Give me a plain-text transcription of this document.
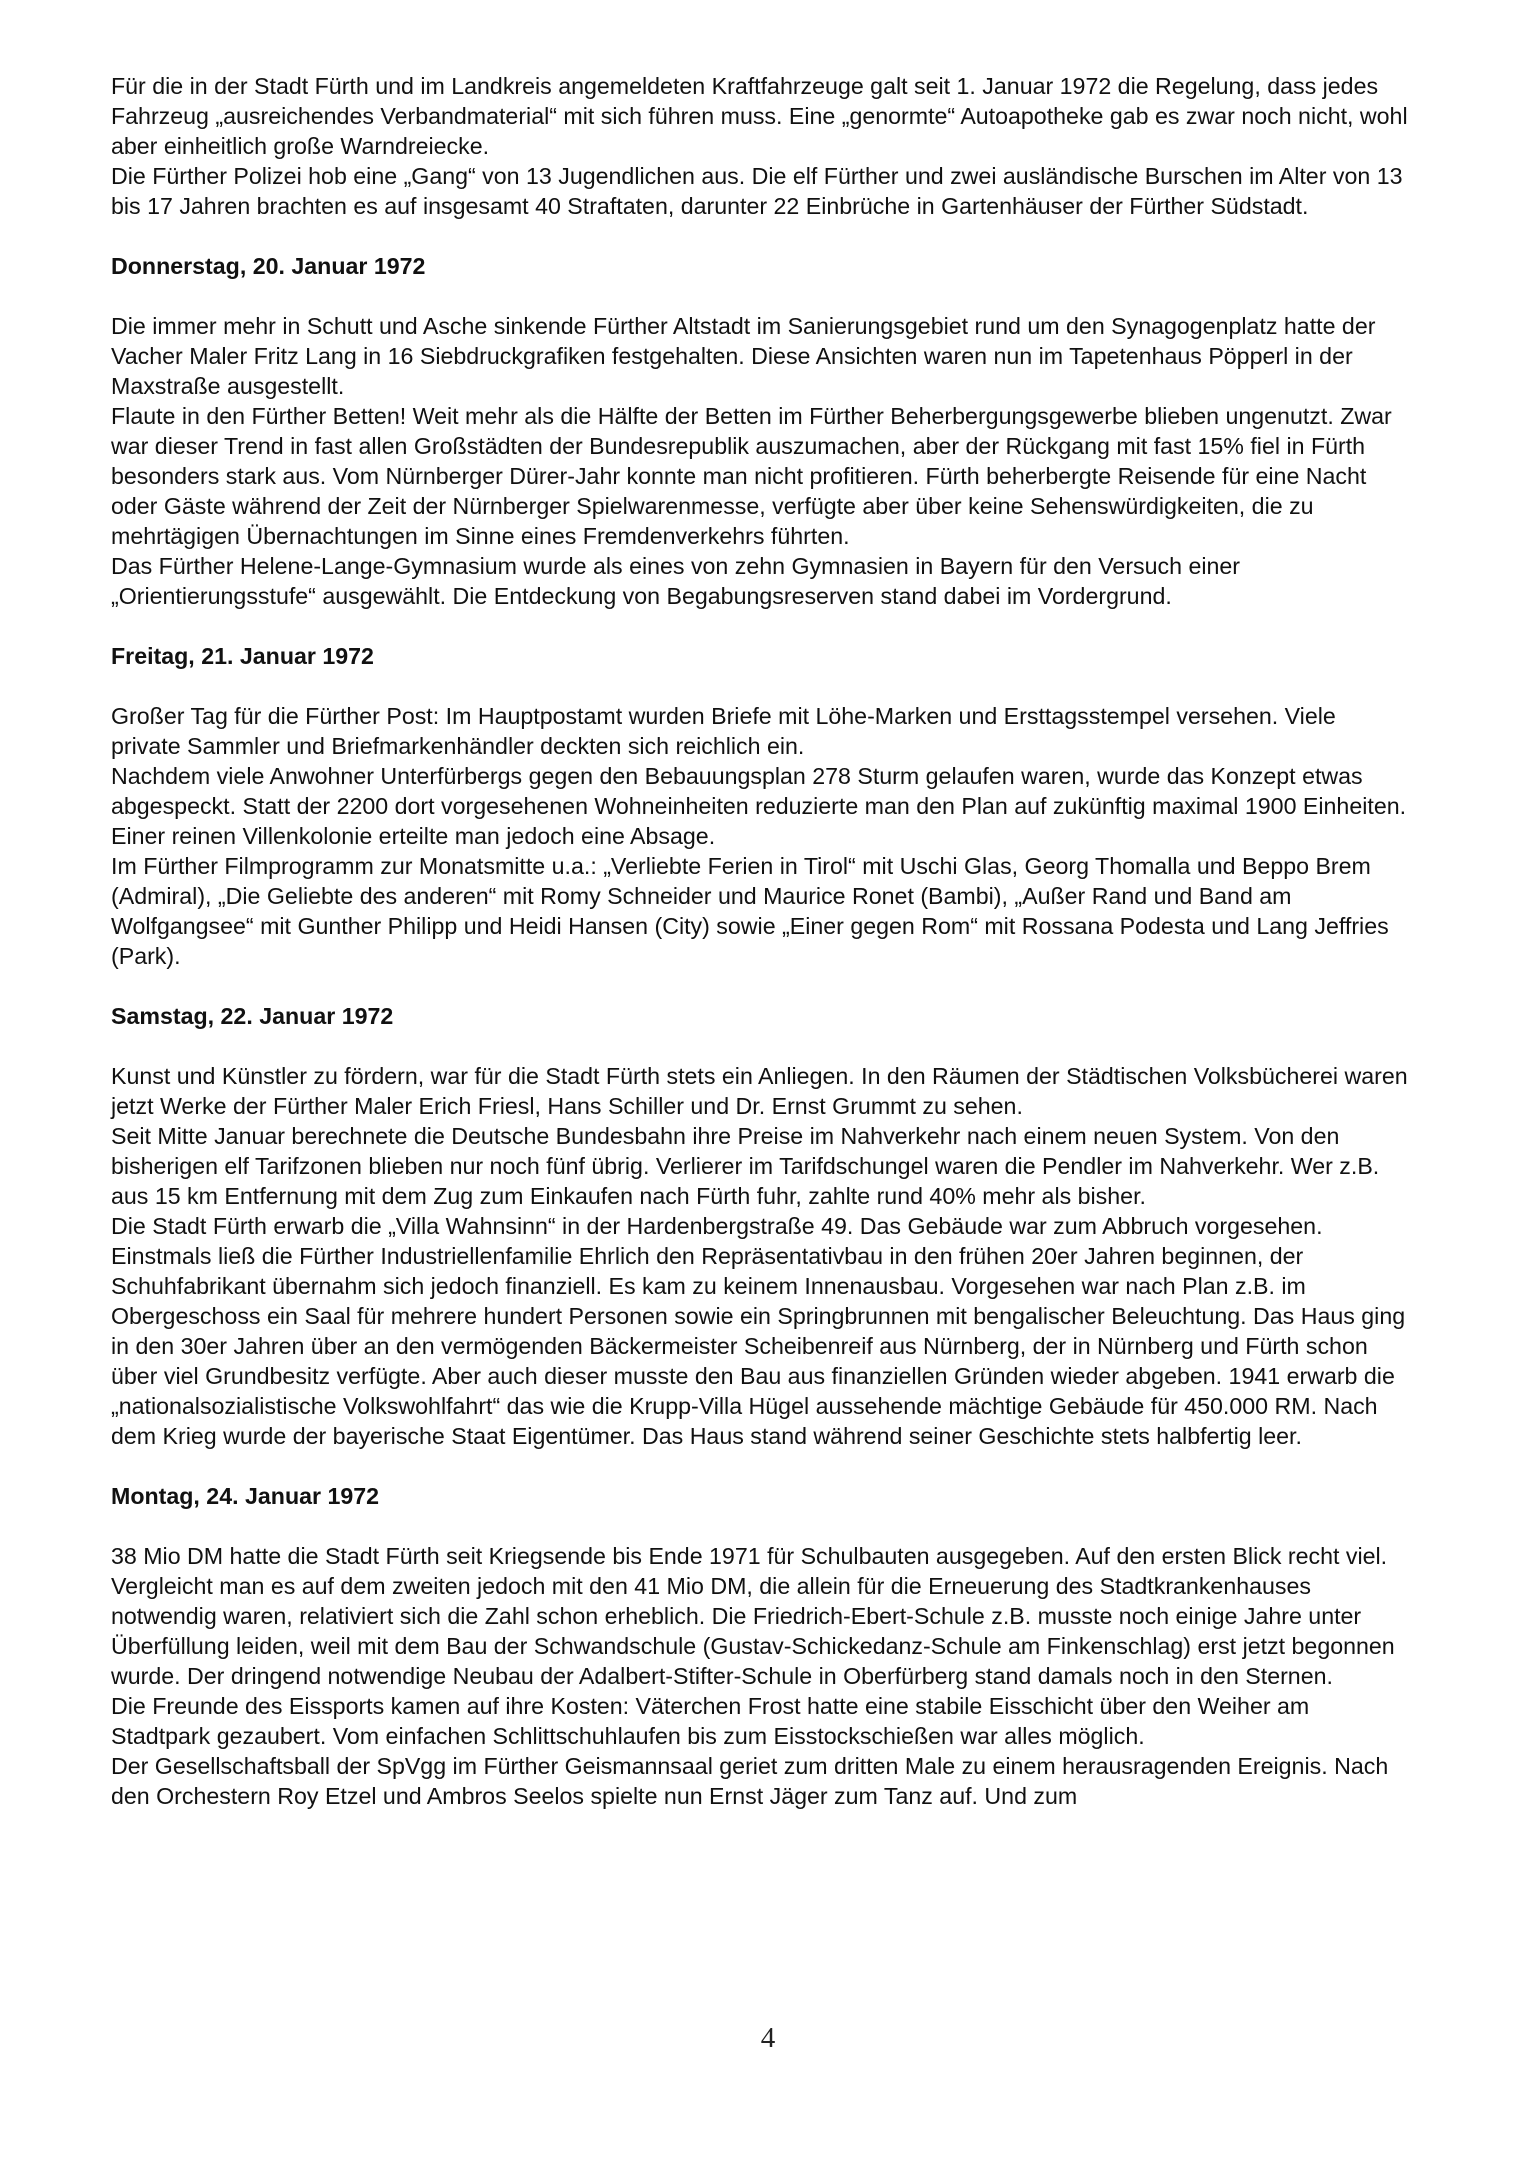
Für die in der Stadt Fürth und im Landkreis angemeldeten Kraftfahrzeuge galt seit 1. Januar 1972 die Regelung, dass jedes Fahrzeug „ausreichendes Verbandmaterial“ mit sich führen muss. Eine „genormte“ Autoapotheke gab es zwar noch nicht, wohl aber einheitlich große Warndreiecke.

Die Fürther Polizei hob eine „Gang“ von 13 Jugendlichen aus. Die elf Fürther und zwei ausländische Burschen im Alter von 13 bis 17 Jahren brachten es auf insgesamt 40 Straftaten, darunter 22 Einbrüche in Gartenhäuser der Fürther Südstadt.

Donnerstag, 20. Januar 1972

Die immer mehr in Schutt und Asche sinkende Fürther Altstadt im Sanierungsgebiet rund um den Synagogenplatz hatte der Vacher Maler Fritz Lang in 16 Siebdruckgrafiken festgehalten. Diese Ansichten waren nun im Tapetenhaus Pöpperl in der Maxstraße ausgestellt.

Flaute in den Fürther Betten! Weit mehr als die Hälfte der Betten im Fürther Beherbergungsgewerbe blieben ungenutzt. Zwar war dieser Trend in fast allen Großstädten der Bundesrepublik auszumachen, aber der Rückgang mit fast 15% fiel in Fürth besonders stark aus. Vom Nürnberger Dürer-Jahr konnte man nicht profitieren. Fürth beherbergte Reisende für eine Nacht oder Gäste während der Zeit der Nürnberger Spielwarenmesse, verfügte aber über keine Sehenswürdigkeiten, die zu mehrtägigen Übernachtungen im Sinne eines Fremdenverkehrs führten.

Das Fürther Helene-Lange-Gymnasium wurde als eines von zehn Gymnasien in Bayern für den Versuch einer „Orientierungsstufe“ ausgewählt. Die Entdeckung von Begabungsreserven stand dabei im Vordergrund.

Freitag, 21. Januar 1972

Großer Tag für die Fürther Post: Im Hauptpostamt wurden Briefe mit Löhe-Marken und Ersttagsstempel versehen. Viele private Sammler und Briefmarkenhändler deckten sich reichlich ein.

Nachdem viele Anwohner Unterfürbergs gegen den Bebauungsplan 278 Sturm gelaufen waren, wurde das Konzept etwas abgespeckt. Statt der 2200 dort vorgesehenen Wohneinheiten reduzierte man den Plan auf zukünftig maximal 1900 Einheiten. Einer reinen Villenkolonie erteilte man jedoch eine Absage.

Im Fürther Filmprogramm zur Monatsmitte u.a.: „Verliebte Ferien in Tirol“ mit Uschi Glas, Georg Thomalla und Beppo Brem (Admiral), „Die Geliebte des anderen“ mit Romy Schneider und Maurice Ronet (Bambi), „Außer Rand und Band am Wolfgangsee“ mit Gunther Philipp und Heidi Hansen (City) sowie „Einer gegen Rom“ mit Rossana Podesta und Lang Jeffries (Park).

Samstag, 22. Januar 1972

Kunst und Künstler zu fördern, war für die Stadt Fürth stets ein Anliegen. In den Räumen der Städtischen Volksbücherei waren jetzt Werke der Fürther Maler Erich Friesl, Hans Schiller und Dr. Ernst Grummt zu sehen.

Seit Mitte Januar berechnete die Deutsche Bundesbahn ihre Preise im Nahverkehr nach einem neuen System. Von den bisherigen elf Tarifzonen blieben nur noch fünf übrig. Verlierer im Tarifdschungel waren die Pendler im Nahverkehr. Wer z.B. aus 15 km Entfernung mit dem Zug zum Einkaufen nach Fürth fuhr, zahlte rund 40% mehr als bisher.

Die Stadt Fürth erwarb die „Villa Wahnsinn“ in der Hardenbergstraße 49. Das Gebäude war zum Abbruch vorgesehen. Einstmals ließ die Fürther Industriellenfamilie Ehrlich den Repräsentativbau in den frühen 20er Jahren beginnen, der Schuhfabrikant übernahm sich jedoch finanziell. Es kam zu keinem Innenausbau. Vorgesehen war nach Plan z.B. im Obergeschoss ein Saal für mehrere hundert Personen sowie ein Springbrunnen mit bengalischer Beleuchtung. Das Haus ging in den 30er Jahren über an den vermögenden Bäckermeister Scheibenreif aus Nürnberg, der in Nürnberg und Fürth schon über viel Grundbesitz verfügte. Aber auch dieser musste den Bau aus finanziellen Gründen wieder abgeben. 1941 erwarb die „nationalsozialistische Volkswohlfahrt“ das wie die Krupp-Villa Hügel aussehende mächtige Gebäude für 450.000 RM. Nach dem Krieg wurde der bayerische Staat Eigentümer. Das Haus stand während seiner Geschichte stets halbfertig leer.

Montag, 24. Januar 1972

38 Mio DM hatte die Stadt Fürth seit Kriegsende bis Ende 1971 für Schulbauten ausgegeben. Auf den ersten Blick recht viel. Vergleicht man es auf dem zweiten jedoch mit den 41 Mio DM, die allein für die Erneuerung des Stadtkrankenhauses notwendig waren, relativiert sich die Zahl schon erheblich. Die Friedrich-Ebert-Schule z.B. musste noch einige Jahre unter Überfüllung leiden, weil mit dem Bau der Schwandschule (Gustav-Schickedanz-Schule am Finkenschlag) erst jetzt begonnen wurde. Der dringend notwendige Neubau der Adalbert-Stifter-Schule in Oberfürberg stand damals noch in den Sternen.

Die Freunde des Eissports kamen auf ihre Kosten: Väterchen Frost hatte eine stabile Eisschicht über den Weiher am Stadtpark gezaubert. Vom einfachen Schlittschuhlaufen bis zum Eisstockschießen war alles möglich.

Der Gesellschaftsball der SpVgg im Fürther Geismannsaal geriet zum dritten Male zu einem herausragenden Ereignis. Nach den Orchestern Roy Etzel und Ambros Seelos spielte nun Ernst Jäger zum Tanz auf. Und zum

4
